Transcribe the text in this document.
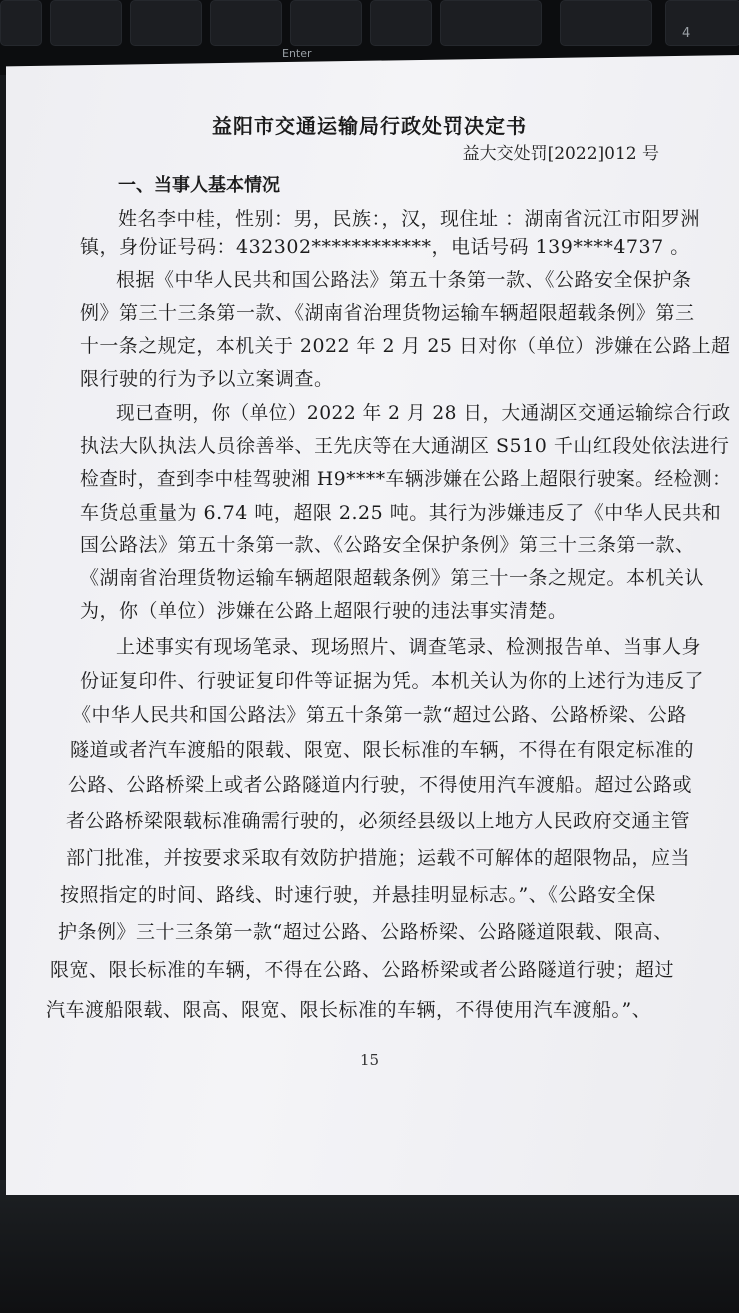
Enter
4
益阳市交通运输局行政处罚决定书
益大交处罚[2022]012 号
一、当事人基本情况
姓名李中桂，性别：男，民族：，汉，现住址 ：湖南省沅江市阳罗洲
镇，身份证号码：432302************，电话号码 139****4737 。
根据《中华人民共和国公路法》第五十条第一款、《公路安全保护条
例》第三十三条第一款、《湖南省治理货物运输车辆超限超载条例》第三
十一条之规定，本机关于 2022 年 2 月 25 日对你（单位）涉嫌在公路上超
限行驶的行为予以立案调查。
现已查明，你（单位）2022 年 2 月 28 日，大通湖区交通运输综合行政
执法大队执法人员徐善举、王先庆等在大通湖区 S510 千山红段处依法进行
检查时，查到李中桂驾驶湘 H9****车辆涉嫌在公路上超限行驶案。经检测：
车货总重量为 6.74 吨，超限 2.25 吨。其行为涉嫌违反了《中华人民共和
国公路法》第五十条第一款、《公路安全保护条例》第三十三条第一款、
《湖南省治理货物运输车辆超限超载条例》第三十一条之规定。本机关认
为，你（单位）涉嫌在公路上超限行驶的违法事实清楚。
上述事实有现场笔录、现场照片、调查笔录、检测报告单、当事人身
份证复印件、行驶证复印件等证据为凭。本机关认为你的上述行为违反了
《中华人民共和国公路法》第五十条第一款“超过公路、公路桥梁、公路
隧道或者汽车渡船的限载、限宽、限长标准的车辆，不得在有限定标准的
公路、公路桥梁上或者公路隧道内行驶，不得使用汽车渡船。超过公路或
者公路桥梁限载标准确需行驶的，必须经县级以上地方人民政府交通主管
部门批准，并按要求采取有效防护措施；运载不可解体的超限物品，应当
按照指定的时间、路线、时速行驶，并悬挂明显标志。”、《公路安全保
护条例》三十三条第一款“超过公路、公路桥梁、公路隧道限载、限高、
限宽、限长标准的车辆，不得在公路、公路桥梁或者公路隧道行驶；超过
汽车渡船限载、限高、限宽、限长标准的车辆，不得使用汽车渡船。”、
15
